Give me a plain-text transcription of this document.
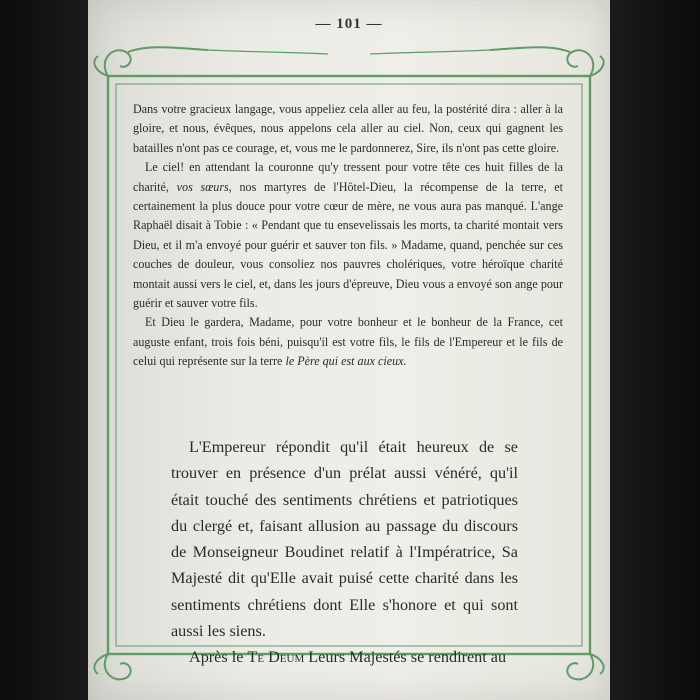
— 101 —

Dans votre gracieux langage, vous appeliez cela aller au feu, la postérité dira : aller à la gloire, et nous, évêques, nous appelons cela aller au ciel. Non, ceux qui gagnent les batailles n'ont pas ce courage, et, vous me le pardonnerez, Sire, ils n'ont pas cette gloire.

Le ciel! en attendant la couronne qu'y tressent pour votre tête ces huit filles de la charité, vos sœurs, nos martyres de l'Hôtel-Dieu, la récompense de la terre, et certainement la plus douce pour votre cœur de mère, ne vous aura pas manqué. L'ange Raphaël disait à Tobie : « Pendant que tu ensevelissais les morts, ta charité montait vers Dieu, et il m'a envoyé pour guérir et sauver ton fils. » Madame, quand, penchée sur ces couches de douleur, vous consoliez nos pauvres cholériques, votre héroïque charité montait aussi vers le ciel, et, dans les jours d'épreuve, Dieu vous a envoyé son ange pour guérir et sauver votre fils.

Et Dieu le gardera, Madame, pour votre bonheur et le bonheur de la France, cet auguste enfant, trois fois béni, puisqu'il est votre fils, le fils de l'Empereur et le fils de celui qui représente sur la terre le Père qui est aux cieux.

L'Empereur répondit qu'il était heureux de se trouver en présence d'un prélat aussi vénéré, qu'il était touché des sentiments chrétiens et patriotiques du clergé et, faisant allusion au passage du discours de Monseigneur Boudinet relatif à l'Impératrice, Sa Majesté dit qu'Elle avait puisé cette charité dans les sentiments chrétiens dont Elle s'honore et qui sont aussi les siens.

Après le Te Deum Leurs Majestés se rendirent au
